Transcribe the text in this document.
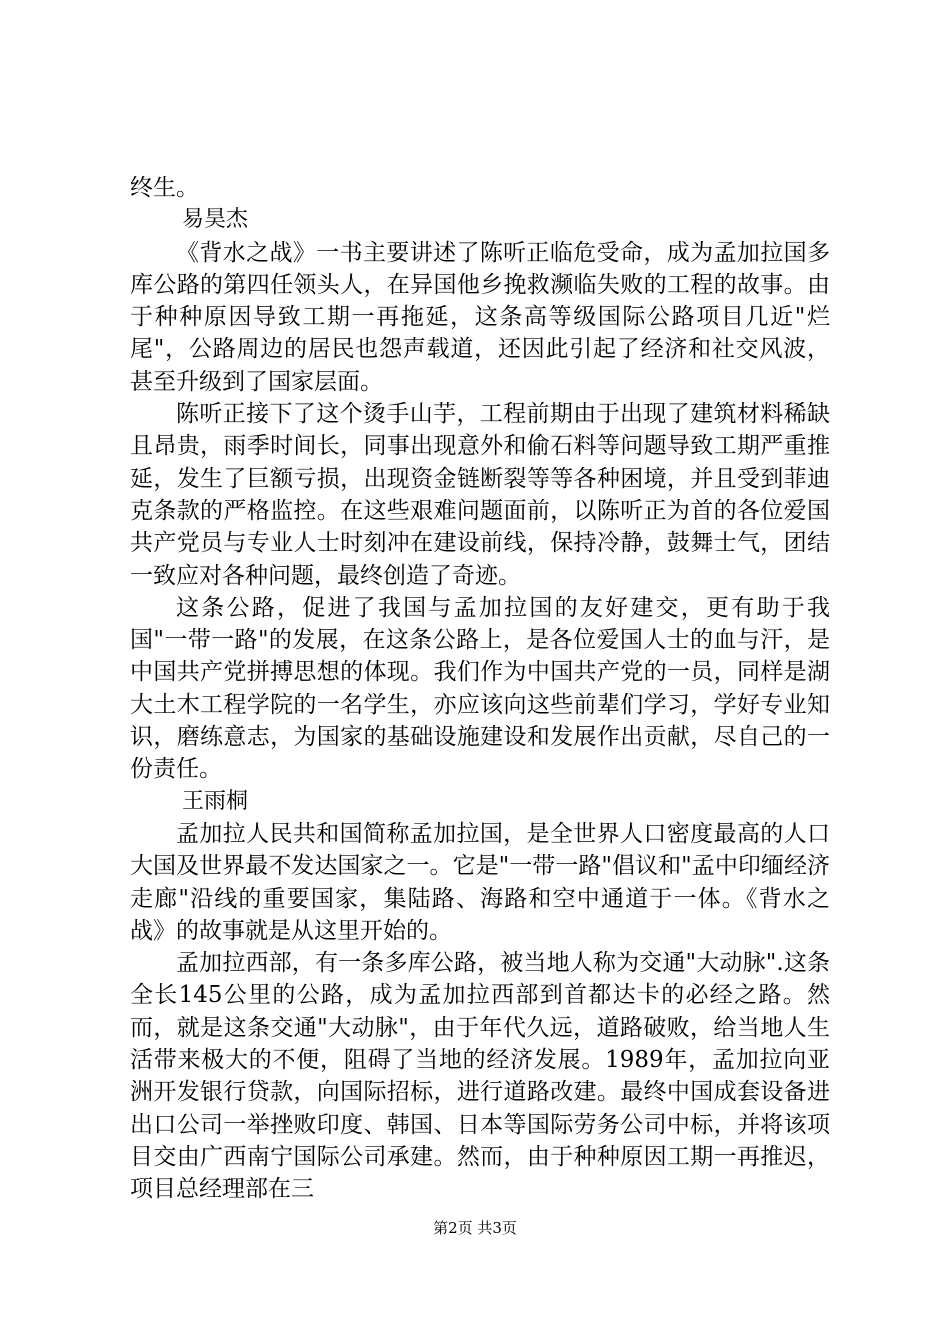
终生。

易昊杰

《背水之战》一书主要讲述了陈听正临危受命，成为孟加拉国多库公路的第四任领头人，在异国他乡挽救濒临失败的工程的故事。由于种种原因导致工期一再拖延，这条高等级国际公路项目几近"烂尾"，公路周边的居民也怨声载道，还因此引起了经济和社交风波，甚至升级到了国家层面。

陈听正接下了这个烫手山芋，工程前期由于出现了建筑材料稀缺且昂贵，雨季时间长，同事出现意外和偷石料等问题导致工期严重推延，发生了巨额亏损，出现资金链断裂等等各种困境，并且受到菲迪克条款的严格监控。在这些艰难问题面前，以陈听正为首的各位爱国共产党员与专业人士时刻冲在建设前线，保持冷静，鼓舞士气，团结一致应对各种问题，最终创造了奇迹。

这条公路，促进了我国与孟加拉国的友好建交，更有助于我国"一带一路"的发展，在这条公路上，是各位爱国人士的血与汗，是中国共产党拼搏思想的体现。我们作为中国共产党的一员，同样是湖大土木工程学院的一名学生，亦应该向这些前辈们学习，学好专业知识，磨练意志，为国家的基础设施建设和发展作出贡献，尽自己的一份责任。

王雨桐

孟加拉人民共和国简称孟加拉国，是全世界人口密度最高的人口大国及世界最不发达国家之一。它是"一带一路"倡议和"孟中印缅经济走廊"沿线的重要国家，集陆路、海路和空中通道于一体。《背水之战》的故事就是从这里开始的。

孟加拉西部，有一条多库公路，被当地人称为交通"大动脉".这条全长145公里的公路，成为孟加拉西部到首都达卡的必经之路。然而，就是这条交通"大动脉"，由于年代久远，道路破败，给当地人生活带来极大的不便，阻碍了当地的经济发展。1989年，孟加拉向亚洲开发银行贷款，向国际招标，进行道路改建。最终中国成套设备进出口公司一举挫败印度、韩国、日本等国际劳务公司中标，并将该项目交由广西南宁国际公司承建。然而，由于种种原因工期一再推迟，项目总经理部在三

第2页 共3页
